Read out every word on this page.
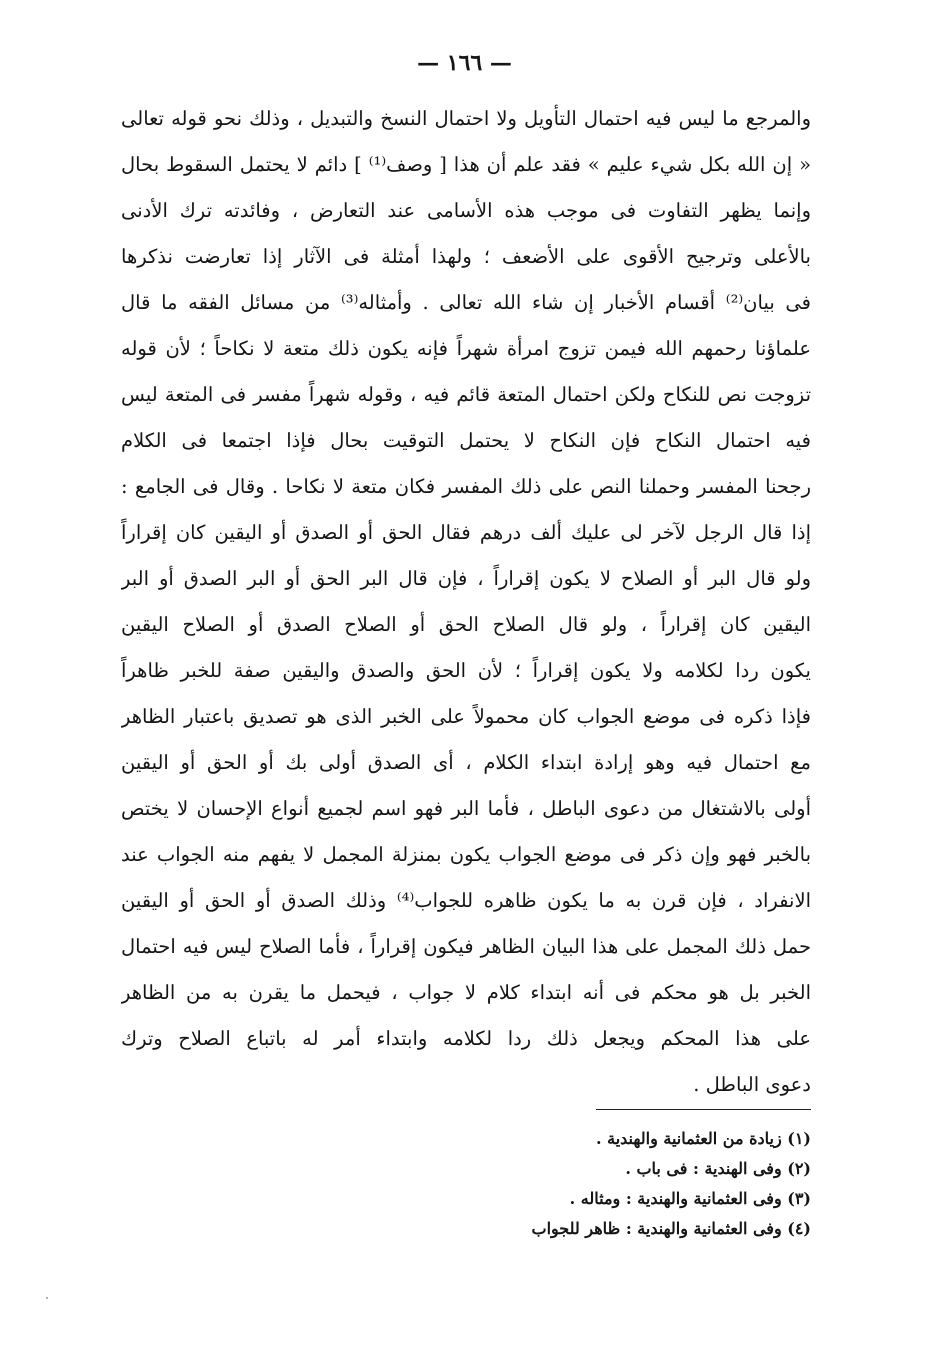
— ١٦٦ —
والمرجع ما ليس فيه احتمال التأويل ولا احتمال النسخ والتبديل ، وذلك نحو قوله تعالى
« إن الله بكل شيء عليم » فقد علم أن هذا [ وصف⁽¹⁾ ] دائم لا يحتمل السقوط بحال
وإنما يظهر التفاوت فى موجب هذه الأسامى عند التعارض ، وفائدته ترك الأدنى
بالأعلى وترجيح الأقوى على الأضعف ؛ ولهذا أمثلة فى الآثار إذا تعارضت نذكرها
فى بيان⁽²⁾ أقسام الأخبار إن شاء الله تعالى . وأمثاله⁽³⁾ من مسائل الفقه ما قال
علماؤنا رحمهم الله فيمن تزوج امرأة شهراً فإنه يكون ذلك متعة لا نكاحاً ؛ لأن قوله
تزوجت نص للنكاح ولكن احتمال المتعة قائم فيه ، وقوله شهراً مفسر فى المتعة ليس
فيه احتمال النكاح فإن النكاح لا يحتمل التوقيت بحال فإذا اجتمعا فى الكلام
رجحنا المفسر وحملنا النص على ذلك المفسر فكان متعة لا نكاحا . وقال فى الجامع :
إذا قال الرجل لآخر لى عليك ألف درهم فقال الحق أو الصدق أو اليقين كان إقراراً
ولو قال البر أو الصلاح لا يكون إقراراً ، فإن قال البر الحق أو البر الصدق أو البر
اليقين كان إقراراً ، ولو قال الصلاح الحق أو الصلاح الصدق أو الصلاح اليقين
يكون ردا لكلامه ولا يكون إقراراً ؛ لأن الحق والصدق واليقين صفة للخبر ظاهراً
فإذا ذكره فى موضع الجواب كان محمولاً على الخبر الذى هو تصديق باعتبار الظاهر
مع احتمال فيه وهو إرادة ابتداء الكلام ، أى الصدق أولى بك أو الحق أو اليقين
أولى بالاشتغال من دعوى الباطل ، فأما البر فهو اسم لجميع أنواع الإحسان لا يختص
بالخبر فهو وإن ذكر فى موضع الجواب يكون بمنزلة المجمل لا يفهم منه الجواب عند
الانفراد ، فإن قرن به ما يكون ظاهره للجواب⁽⁴⁾ وذلك الصدق أو الحق أو اليقين
حمل ذلك المجمل على هذا البيان الظاهر فيكون إقراراً ، فأما الصلاح ليس فيه احتمال
الخبر بل هو محكم فى أنه ابتداء كلام لا جواب ، فيحمل ما يقرن به من الظاهر
على هذا المحكم ويجعل ذلك ردا لكلامه وابتداء أمر له باتباع الصلاح وترك
دعوى الباطل .
(١) زيادة من العثمانية والهندية .
(٢) وفى الهندية : فى باب .
(٣) وفى العثمانية والهندية : ومثاله .
(٤) وفى العثمانية والهندية : ظاهر للجواب
